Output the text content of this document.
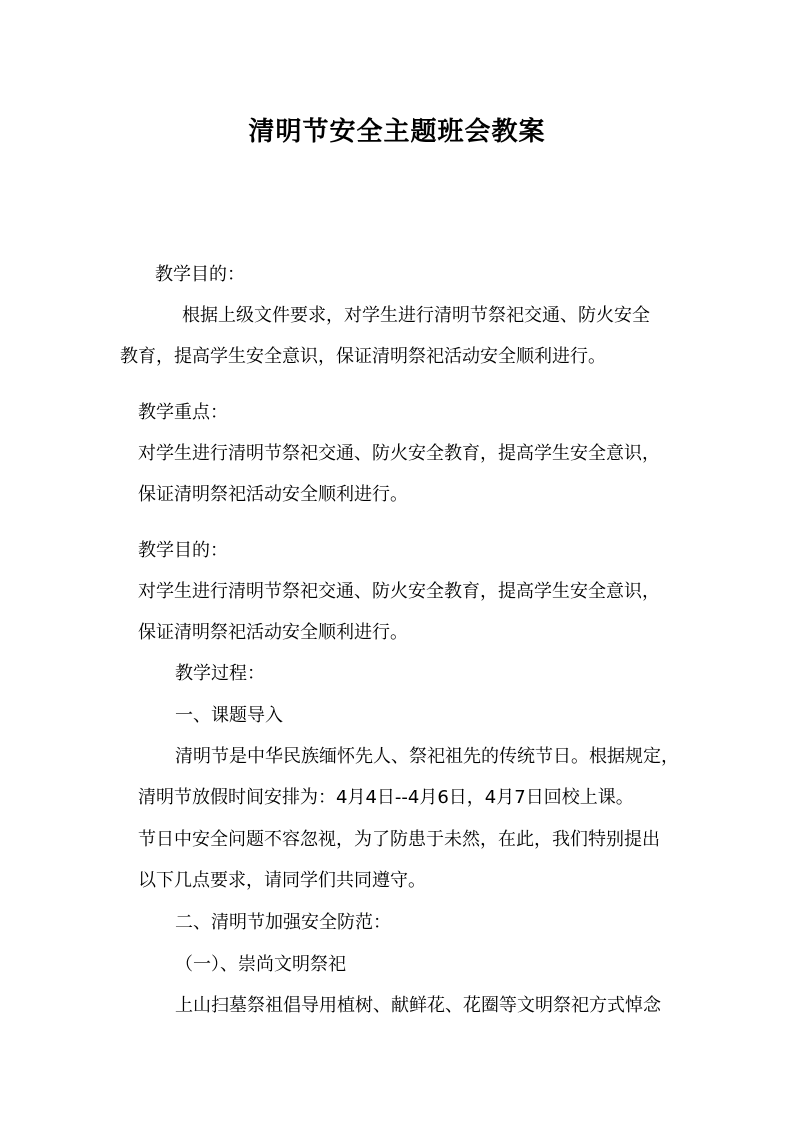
清明节安全主题班会教案
教学目的：
根据上级文件要求，对学生进行清明节祭祀交通、防火安全
教育，提高学生安全意识，保证清明祭祀活动安全顺利进行。
教学重点：
对学生进行清明节祭祀交通、防火安全教育，提高学生安全意识，
保证清明祭祀活动安全顺利进行。
教学目的：
对学生进行清明节祭祀交通、防火安全教育，提高学生安全意识，
保证清明祭祀活动安全顺利进行。
教学过程：
一、课题导入
清明节是中华民族缅怀先人、祭祀祖先的传统节日。根据规定，
清明节放假时间安排为：4月4日--4月6日，4月7日回校上课。
节日中安全问题不容忽视，为了防患于未然，在此，我们特别提出
以下几点要求，请同学们共同遵守。
二、清明节加强安全防范：
（一）、崇尚文明祭祀
上山扫墓祭祖倡导用植树、献鲜花、花圈等文明祭祀方式悼念
